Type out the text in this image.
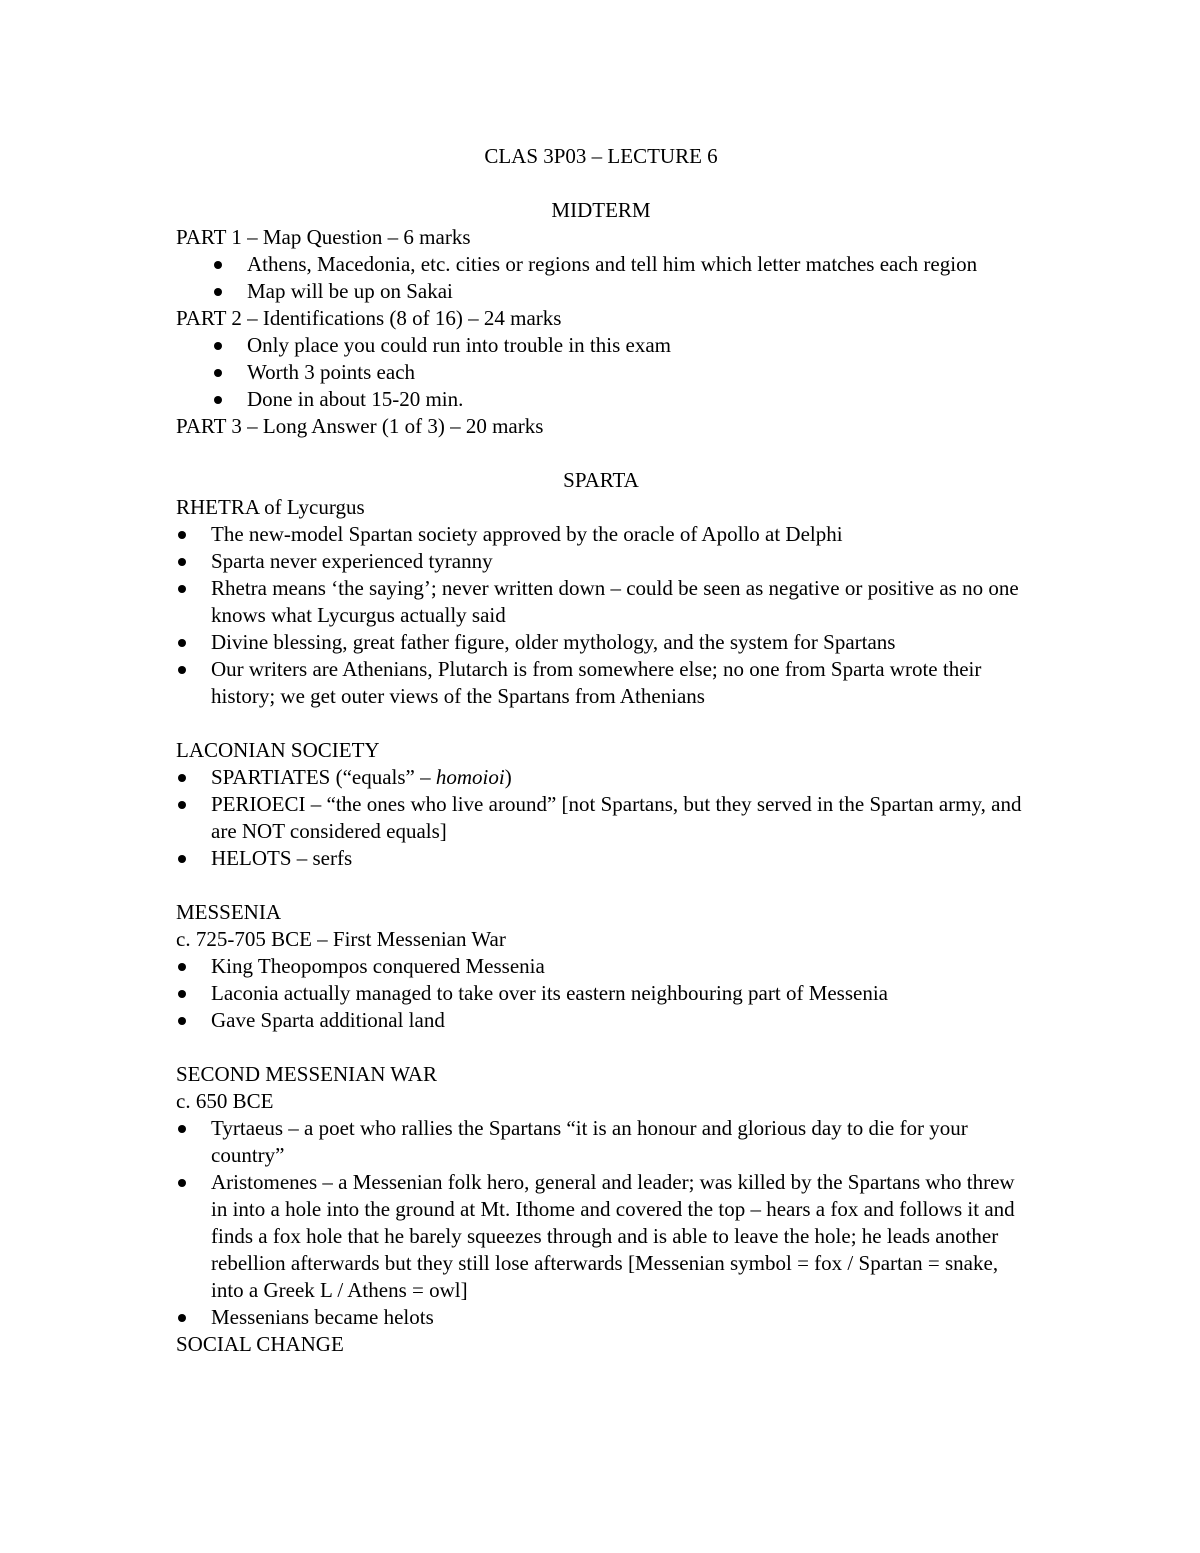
CLAS 3P03 – LECTURE 6

MIDTERM

PART 1 – Map Question – 6 marks

Athens, Macedonia, etc. cities or regions and tell him which letter matches each region
Map will be up on Sakai

PART 2 – Identifications (8 of 16) – 24 marks

Only place you could run into trouble in this exam
Worth 3 points each
Done in about 15-20 min.

PART 3 – Long Answer (1 of 3) – 20 marks

SPARTA

RHETRA of Lycurgus

The new-model Spartan society approved by the oracle of Apollo at Delphi
Sparta never experienced tyranny
Rhetra means ‘the saying’; never written down – could be seen as negative or positive as no one knows what Lycurgus actually said
Divine blessing, great father figure, older mythology, and the system for Spartans
Our writers are Athenians, Plutarch is from somewhere else; no one from Sparta wrote their history; we get outer views of the Spartans from Athenians

LACONIAN SOCIETY

SPARTIATES (“equals” – homoioi)
PERIOECI – “the ones who live around” [not Spartans, but they served in the Spartan army, and are NOT considered equals]
HELOTS – serfs

MESSENIA

c. 725-705 BCE – First Messenian War

King Theopompos conquered Messenia
Laconia actually managed to take over its eastern neighbouring part of Messenia
Gave Sparta additional land

SECOND MESSENIAN WAR

c. 650 BCE

Tyrtaeus – a poet who rallies the Spartans “it is an honour and glorious day to die for your country”
Aristomenes – a Messenian folk hero, general and leader; was killed by the Spartans who threw in into a hole into the ground at Mt. Ithome and covered the top – hears a fox and follows it and finds a fox hole that he barely squeezes through and is able to leave the hole; he leads another rebellion afterwards but they still lose afterwards [Messenian symbol = fox / Spartan = snake, into a Greek L / Athens = owl]
Messenians became helots

SOCIAL CHANGE
